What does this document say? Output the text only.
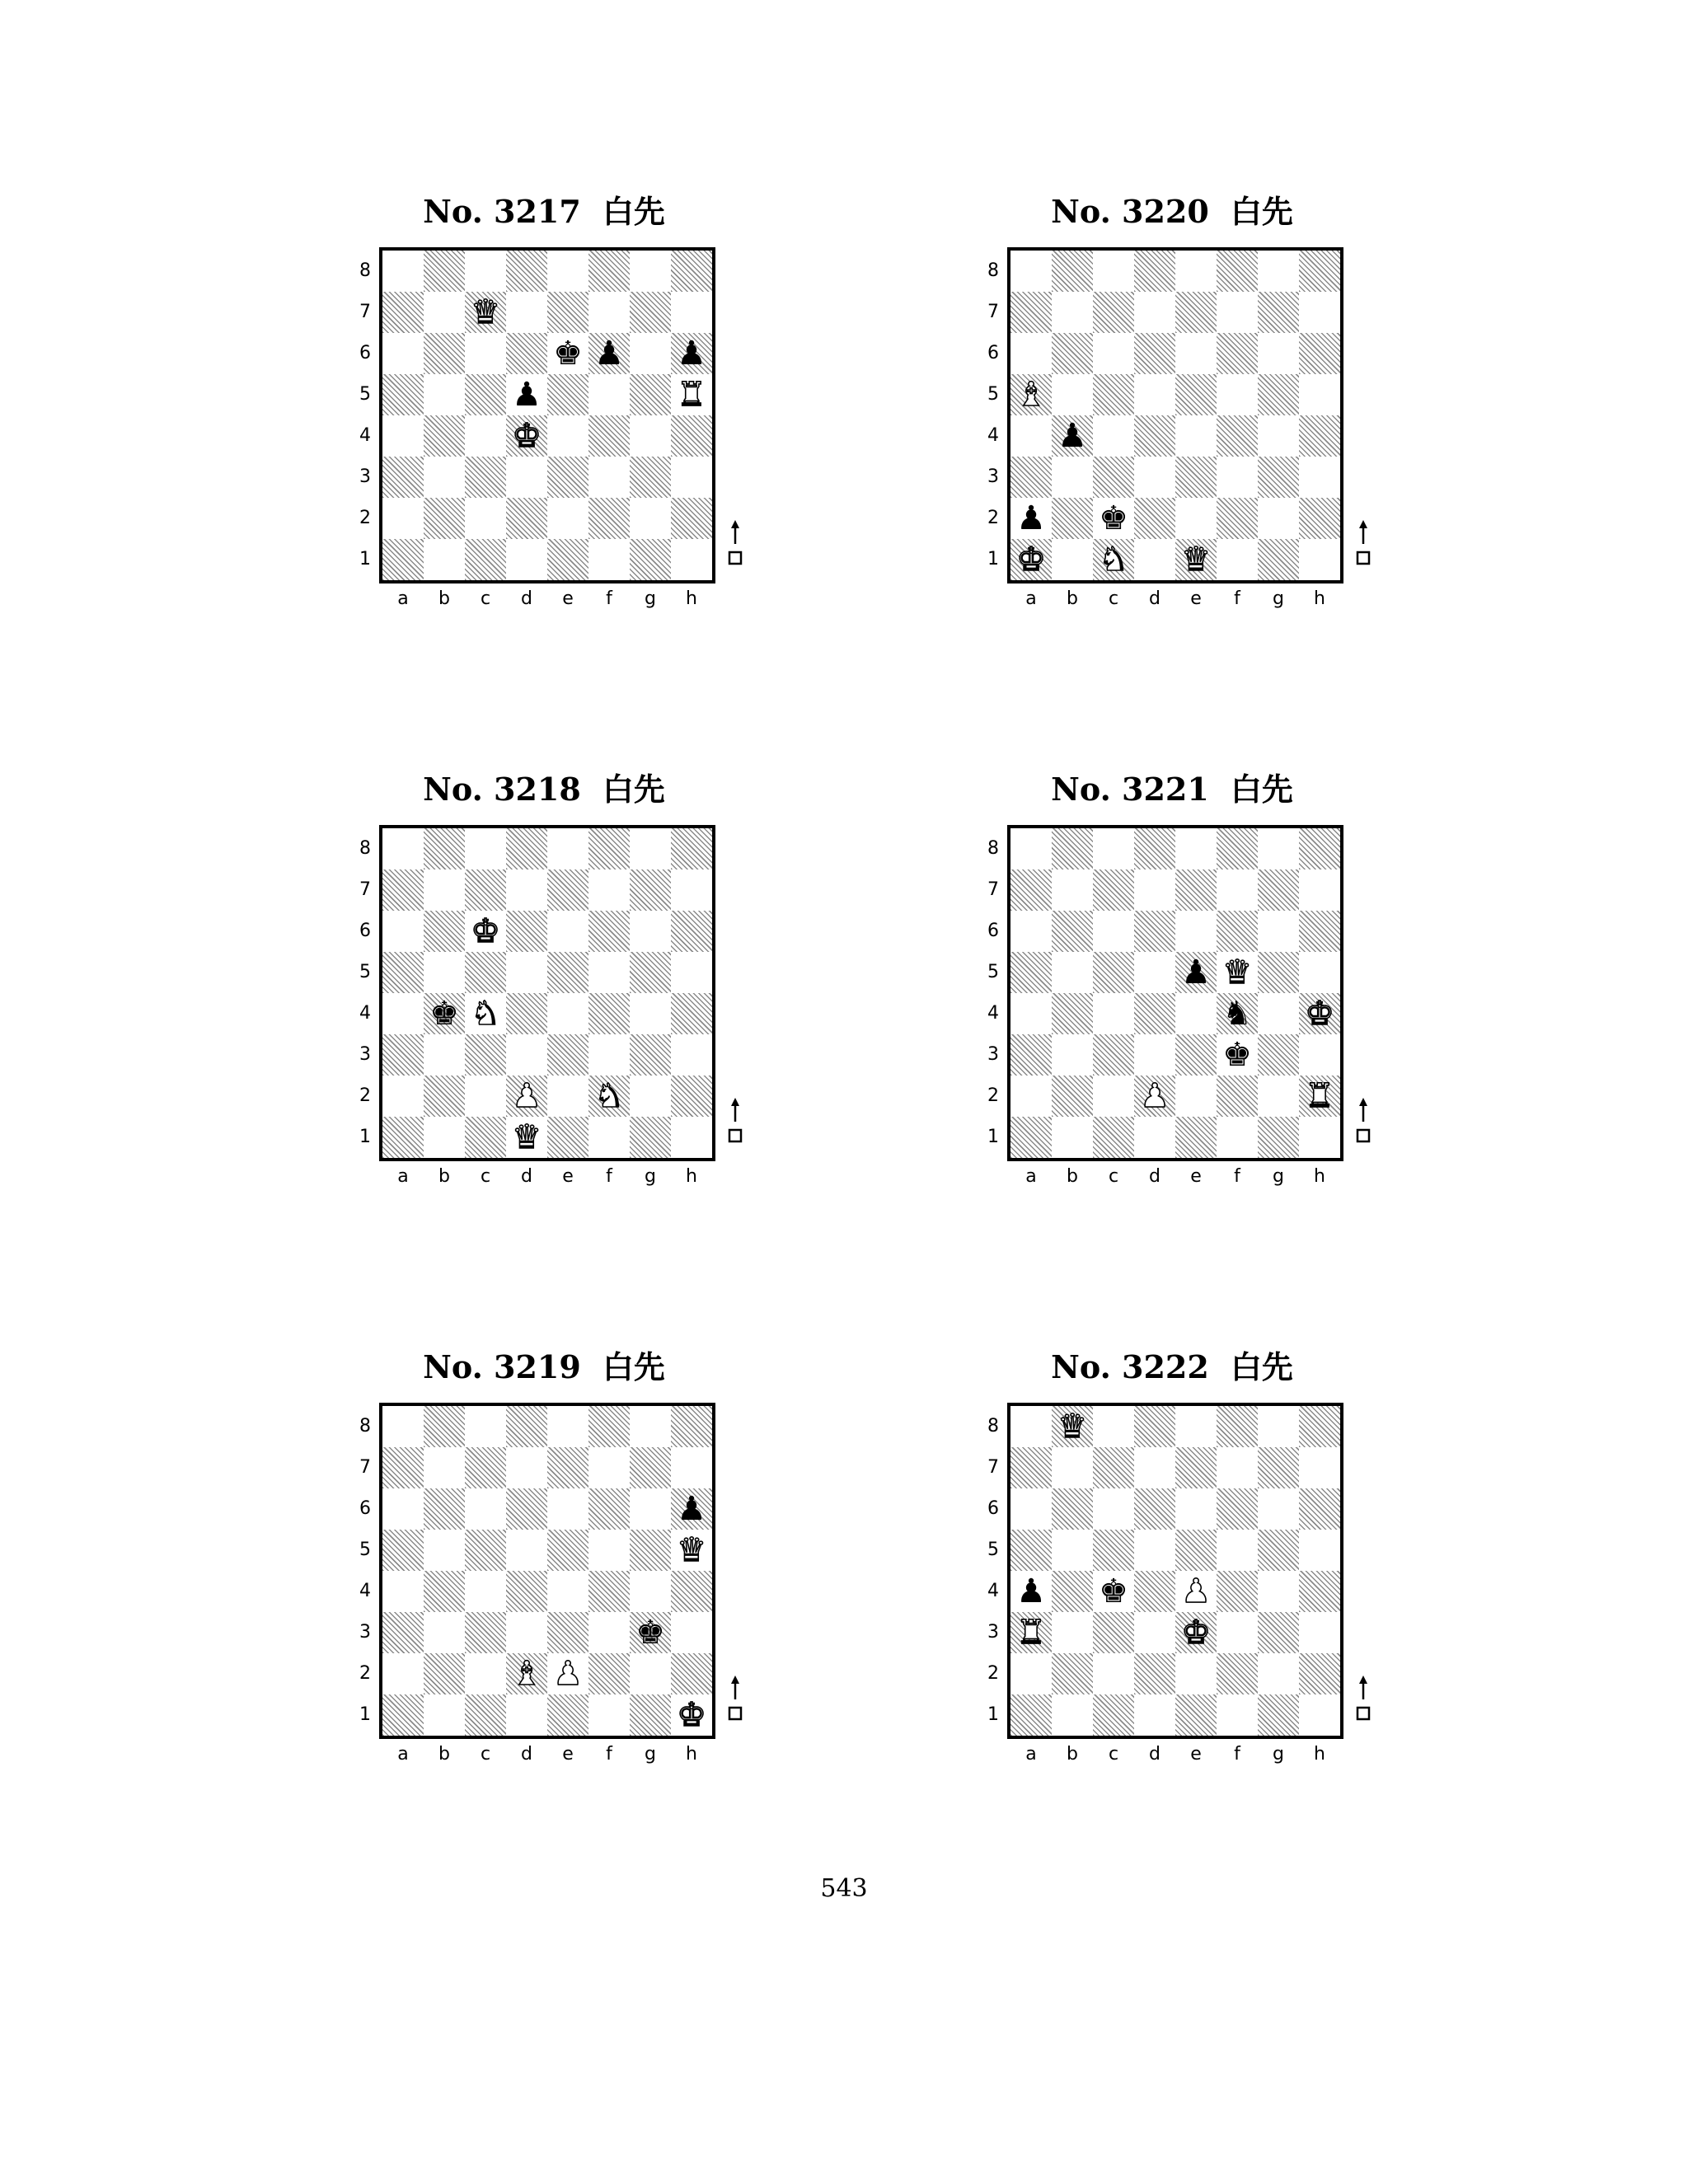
No. 3217 白先
♛
♚ ♟ ♟
♟	♜
♚
8
7
6
5
4
3
2
1
a	b	c	d	e	f	g	h
No. 3220 白先
♝
♟
♟ ♚
♚ ♞ ♛
8
7
6
5
4
3
2
1
a	b	c	d	e	f	g	h
No. 3218 白先
♚
♚ ♞
♟ ♞
♛
8
7
6
5
4
3
2
1
a	b	c	d	e	f	g	h
No. 3221 白先
♟ ♛
♞ ♚
♚
♟	♜
8
7
6
5
4
3
2
1
a	b	c	d	e	f	g	h
No. 3219 白先
♟
♛
♚
♝ ♟
♚
8
7
6
5
4
3
2
1
a	b	c	d	e	f	g	h
No. 3222 白先
♛
♟ ♚ ♟
♜	♚
8
7
6
5
4
3
2
1
a	b	c	d	e	f	g	h
543
